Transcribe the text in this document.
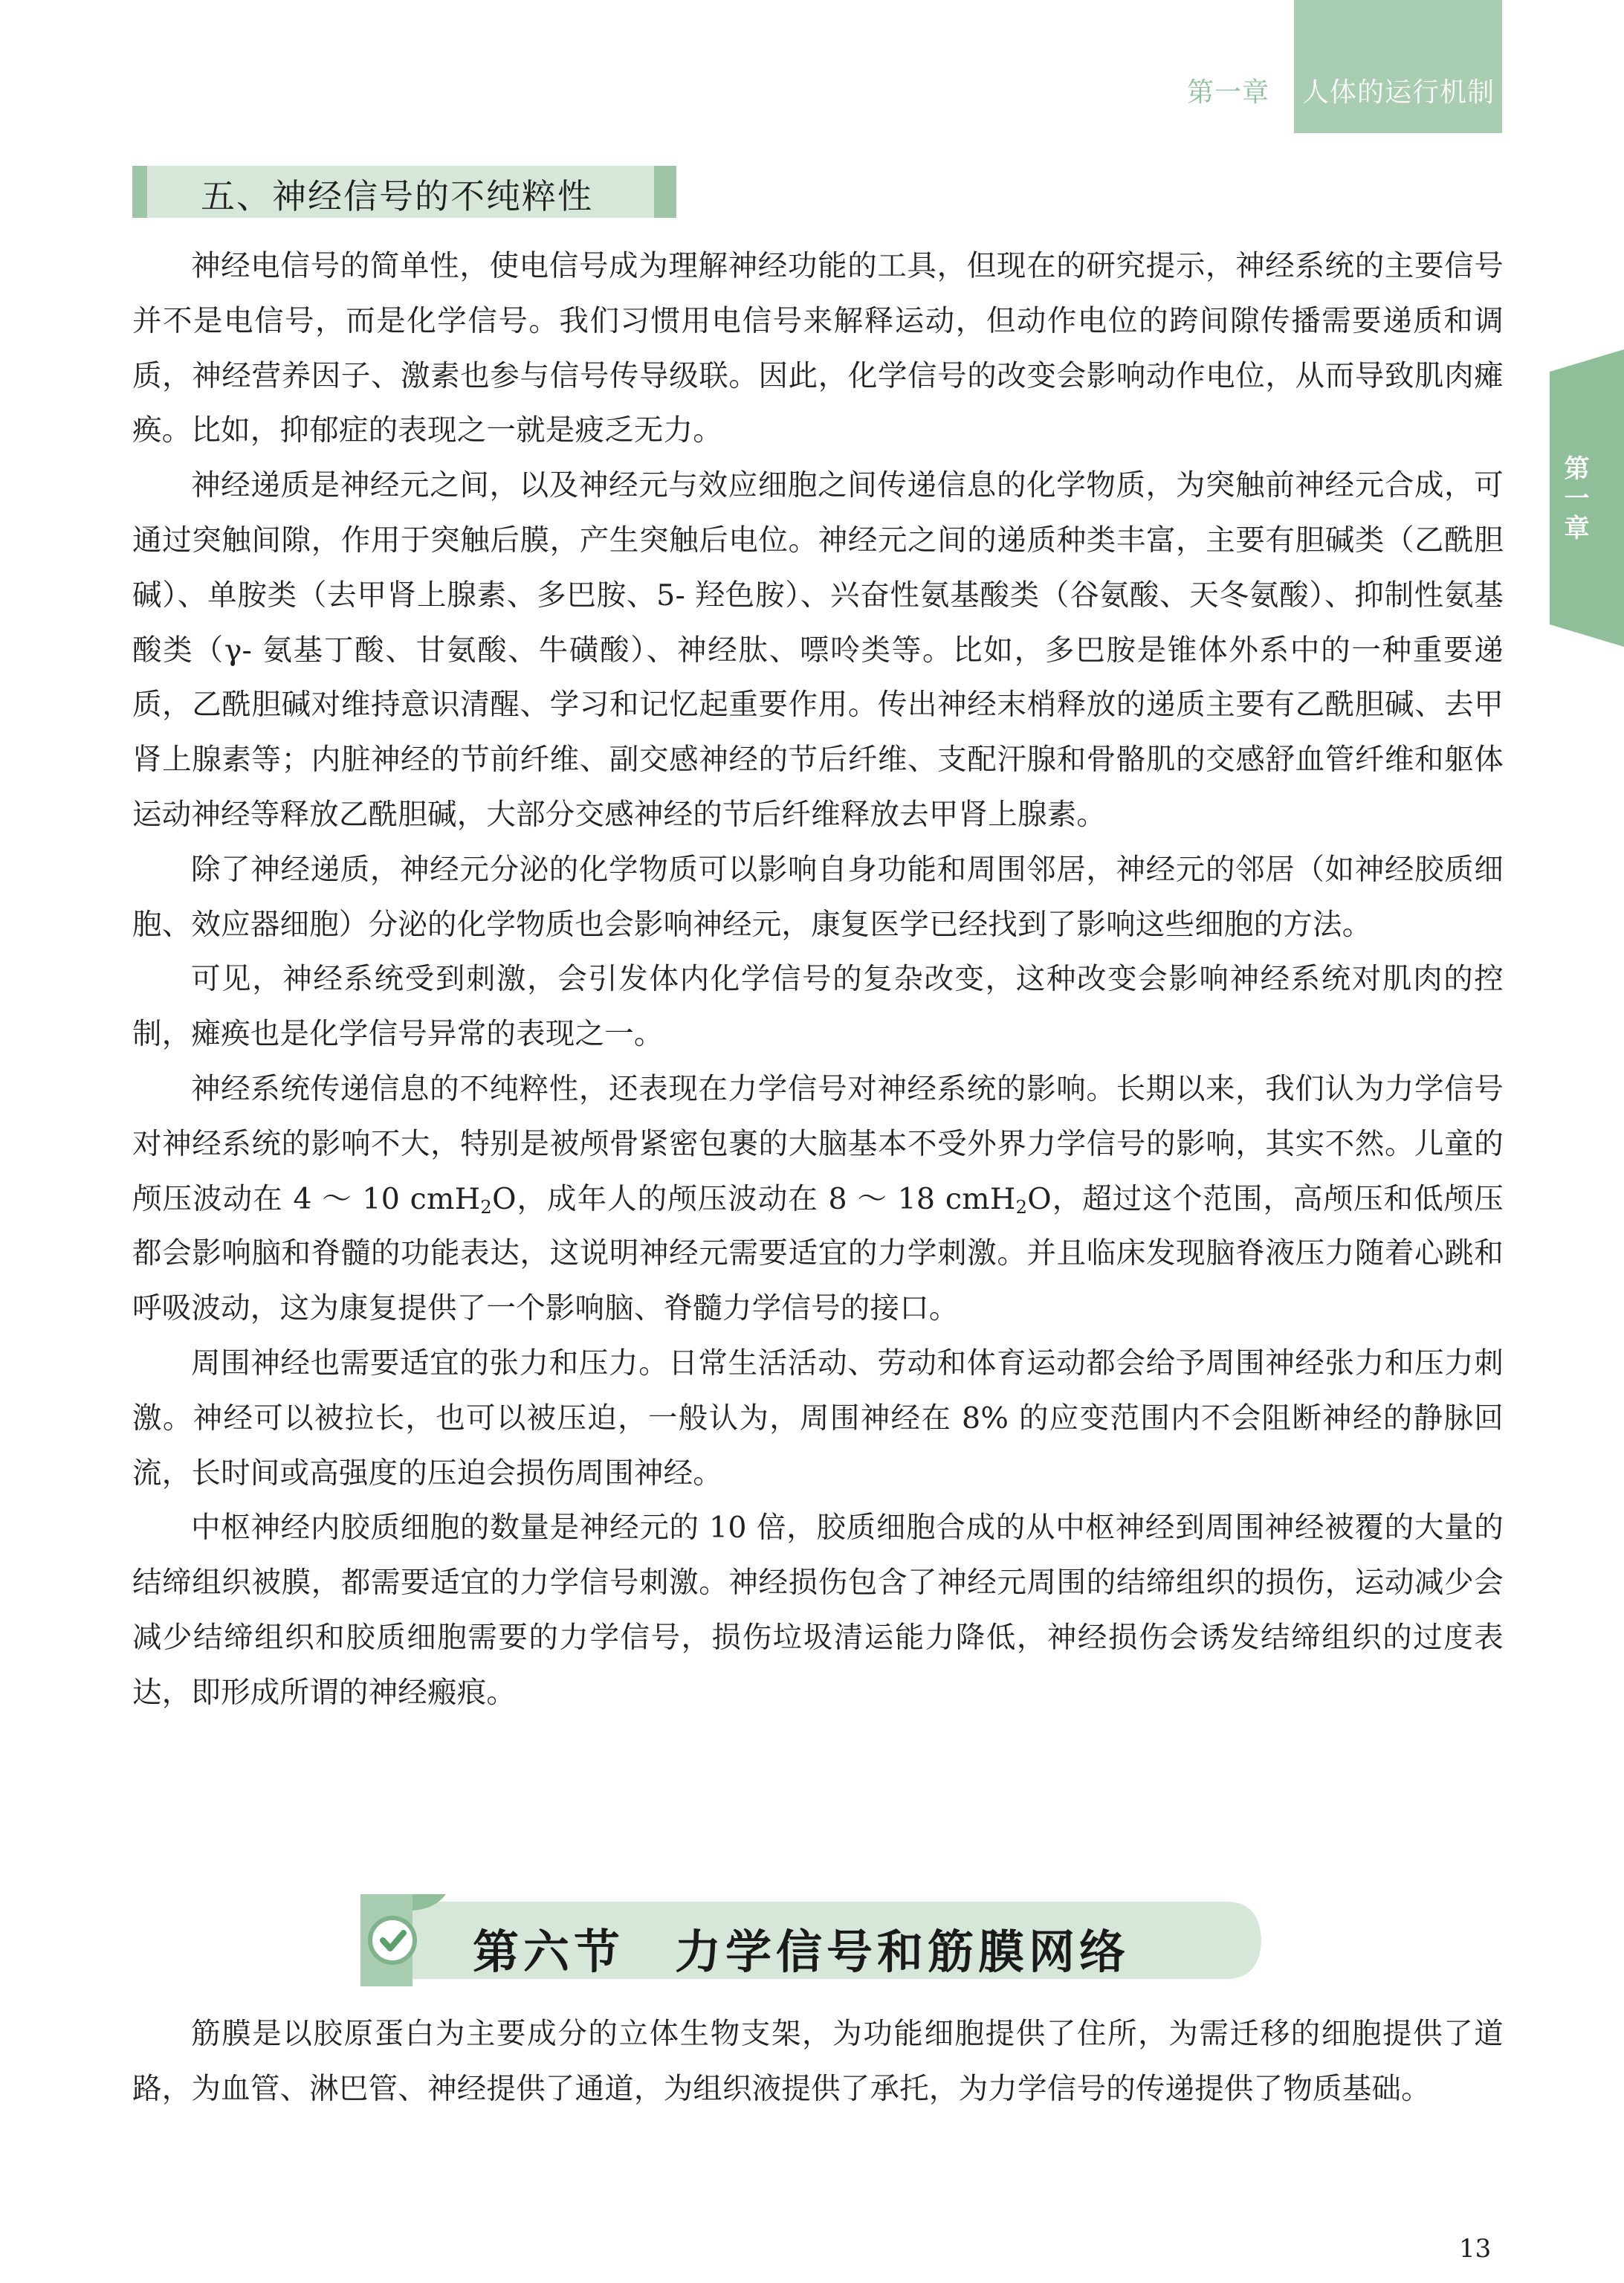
第一章 人体的运行机制
第一章
五、神经信号的不纯粹性

神经电信号的简单性，使电信号成为理解神经功能的工具，但现在的研究提示，神经系统的主要信号并不是电信号，而是化学信号。我们习惯用电信号来解释运动，但动作电位的跨间隙传播需要递质和调质，神经营养因子、激素也参与信号传导级联。因此，化学信号的改变会影响动作电位，从而导致肌肉瘫痪。比如，抑郁症的表现之一就是疲乏无力。

神经递质是神经元之间，以及神经元与效应细胞之间传递信息的化学物质，为突触前神经元合成，可通过突触间隙，作用于突触后膜，产生突触后电位。神经元之间的递质种类丰富，主要有胆碱类（乙酰胆碱）、单胺类（去甲肾上腺素、多巴胺、5- 羟色胺）、兴奋性氨基酸类（谷氨酸、天冬氨酸）、抑制性氨基酸类（γ- 氨基丁酸、甘氨酸、牛磺酸）、神经肽、嘌呤类等。比如，多巴胺是锥体外系中的一种重要递质，乙酰胆碱对维持意识清醒、学习和记忆起重要作用。传出神经末梢释放的递质主要有乙酰胆碱、去甲肾上腺素等；内脏神经的节前纤维、副交感神经的节后纤维、支配汗腺和骨骼肌的交感舒血管纤维和躯体运动神经等释放乙酰胆碱，大部分交感神经的节后纤维释放去甲肾上腺素。

除了神经递质，神经元分泌的化学物质可以影响自身功能和周围邻居，神经元的邻居（如神经胶质细胞、效应器细胞）分泌的化学物质也会影响神经元，康复医学已经找到了影响这些细胞的方法。

可见，神经系统受到刺激，会引发体内化学信号的复杂改变，这种改变会影响神经系统对肌肉的控制，瘫痪也是化学信号异常的表现之一。

神经系统传递信息的不纯粹性，还表现在力学信号对神经系统的影响。长期以来，我们认为力学信号对神经系统的影响不大，特别是被颅骨紧密包裹的大脑基本不受外界力学信号的影响，其实不然。儿童的颅压波动在 4 ～ 10 cmH$_2$O，成年人的颅压波动在 8 ～ 18 cmH$_2$O，超过这个范围，高颅压和低颅压都会影响脑和脊髓的功能表达，这说明神经元需要适宜的力学刺激。并且临床发现脑脊液压力随着心跳和呼吸波动，这为康复提供了一个影响脑、脊髓力学信号的接口。

周围神经也需要适宜的张力和压力。日常生活活动、劳动和体育运动都会给予周围神经张力和压力刺激。神经可以被拉长，也可以被压迫，一般认为，周围神经在 8% 的应变范围内不会阻断神经的静脉回流，长时间或高强度的压迫会损伤周围神经。

中枢神经内胶质细胞的数量是神经元的 10 倍，胶质细胞合成的从中枢神经到周围神经被覆的大量的结缔组织被膜，都需要适宜的力学信号刺激。神经损伤包含了神经元周围的结缔组织的损伤，运动减少会减少结缔组织和胶质细胞需要的力学信号，损伤垃圾清运能力降低，神经损伤会诱发结缔组织的过度表达，即形成所谓的神经瘢痕。

第六节　力学信号和筋膜网络

筋膜是以胶原蛋白为主要成分的立体生物支架，为功能细胞提供了住所，为需迁移的细胞提供了道路，为血管、淋巴管、神经提供了通道，为组织液提供了承托，为力学信号的传递提供了物质基础。

13
